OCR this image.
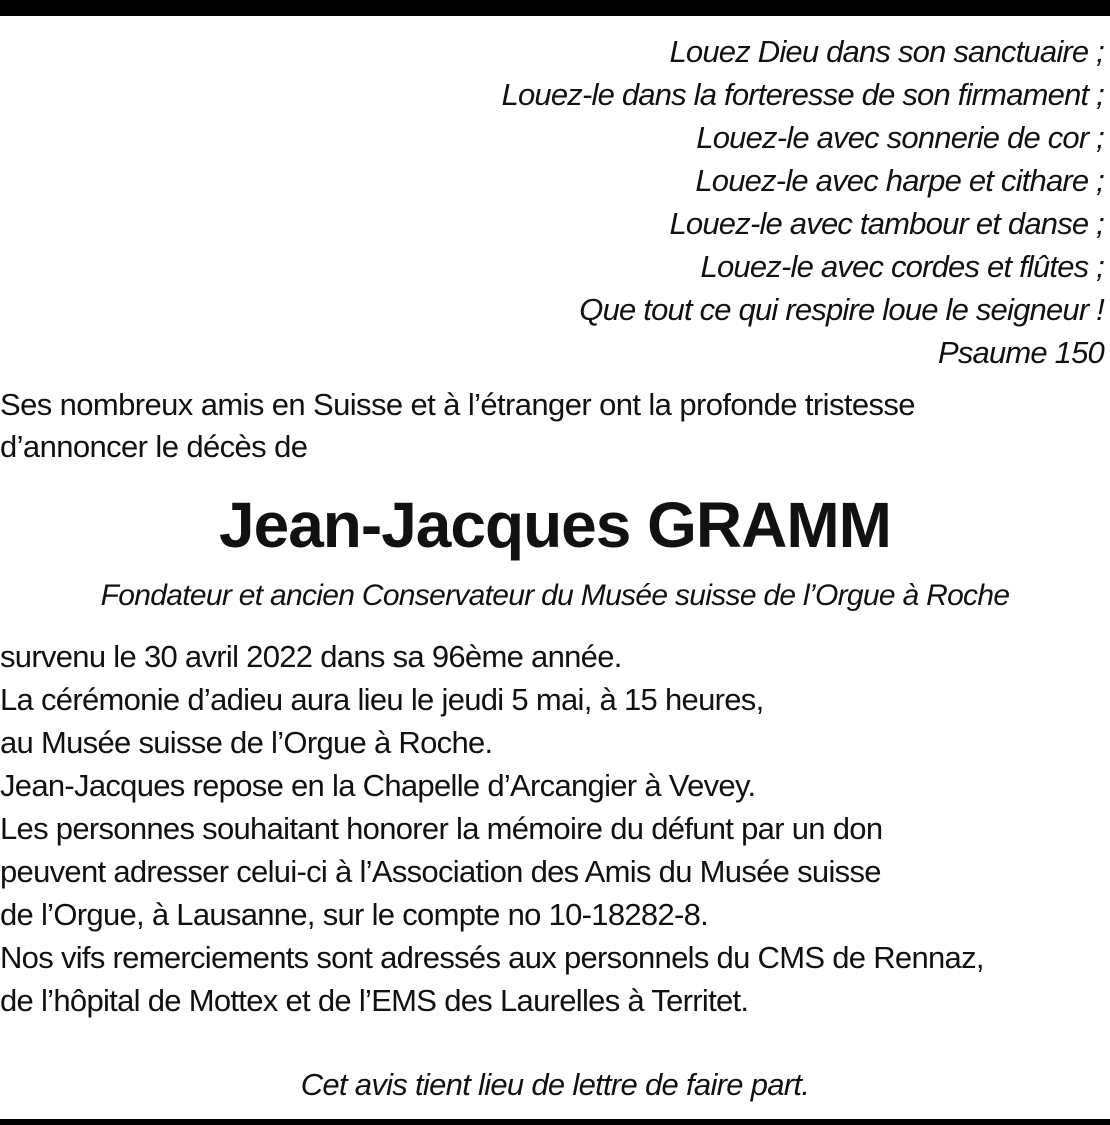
Louez Dieu dans son sanctuaire ;
Louez-le dans la forteresse de son firmament ;
Louez-le avec sonnerie de cor ;
Louez-le avec harpe et cithare ;
Louez-le avec tambour et danse ;
Louez-le avec cordes et flûtes ;
Que tout ce qui respire loue le seigneur !
Psaume 150
Ses nombreux amis en Suisse et à l’étranger ont la profonde tristesse
d’annoncer le décès de
Jean-Jacques GRAMM
Fondateur et ancien Conservateur du Musée suisse de l’Orgue à Roche
survenu le 30 avril 2022 dans sa 96ème année.
La cérémonie d’adieu aura lieu le jeudi 5 mai, à 15 heures,
au Musée suisse de l’Orgue à Roche.
Jean-Jacques repose en la Chapelle d’Arcangier à Vevey.
Les personnes souhaitant honorer la mémoire du défunt par un don
peuvent adresser celui-ci à l’Association des Amis du Musée suisse
de l’Orgue, à Lausanne, sur le compte no 10-18282-8.
Nos vifs remerciements sont adressés aux personnels du CMS de Rennaz,
de l’hôpital de Mottex et de l’EMS des Laurelles à Territet.
Cet avis tient lieu de lettre de faire part.
